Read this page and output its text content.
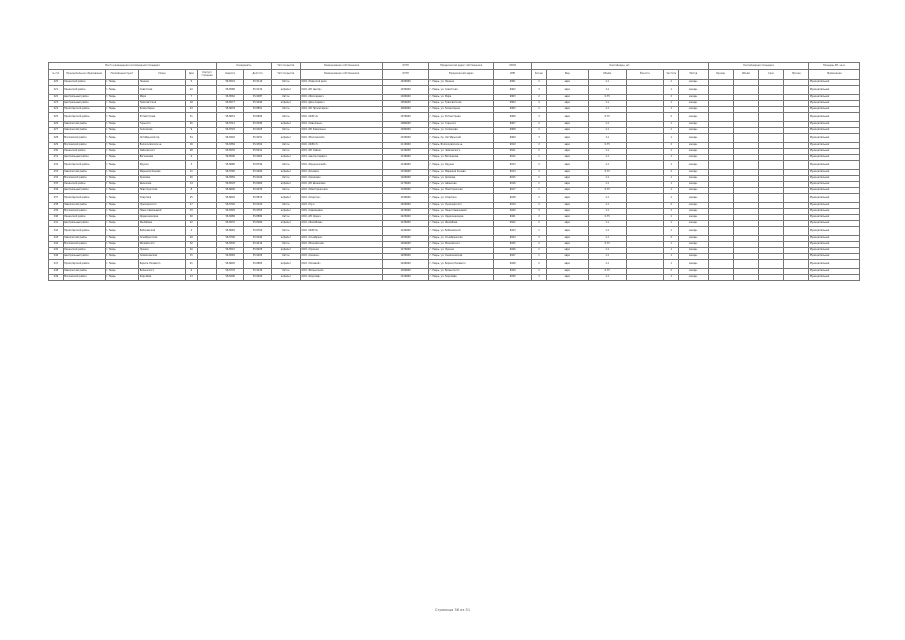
Место размещения контейнерной площадки						Координаты		Тип покрытия	Наименование собственника	ОГРН	Юридический адрес собственника	ОКПО	Контейнеры, шт.						Контейнерная площадка				Площадь КП, кв.м.
№ п/п	Муниципальное образование	Населённый пункт	Улица	Дом	Корпус/строение	Широта	Долгота	Тип покрытия	Наименование собственника	ОГРН	Юридический адрес	ИНН	Кол-во	Вид	Объём	Ёмкость	Частота	Метод	Бункер	Объём	Срок	Прочее	Примечание
220	Ленинский район	г. Тверь	Ленина	5		56.8591	35.9110	бетон	ООО «Тверской дом»	1026900	г. Тверь, ул. Ленина	6901	2	евро	1.1		1	ежедн.					Муниципальная
221	Ленинский район	г. Тверь	Советская	12		56.8580	35.9132	асфальт	ООО «УК Центр»	1036900	г. Тверь, ул. Советская	6902	3	евро	1.1		1	ежедн.					Муниципальная
222	Центральный район	г. Тверь	Мира	7		56.8562	35.9087	бетон	ООО «Жилсервис»	1046900	г. Тверь, ул. Мира	6903	2	евро	0.75		2	ежедн.					Муниципальная
223	Центральный район	г. Тверь	Трёхсвятская	18		56.8577	35.9040	асфальт	ООО «Дом-Сервис»	1056900	г. Тверь, ул. Трёхсвятская	6904	4	евро	1.1		1	ежедн.					Муниципальная
224	Пролетарский район	г. Тверь	Коминтерна	23		56.8639	35.8851	бетон	ООО «УК Пролетарка»	1066900	г. Тверь, ул. Коминтерна	6905	2	евро	1.1		1	ежедн.					Муниципальная
225	Пролетарский район	г. Тверь	Ротмистрова	31		56.8651	35.8820	бетон	ООО «ЖЭУ-4»	1076900	г. Тверь, ул. Ротмистрова	6906	3	евро	0.75		2	ежедн.					Муниципальная
226	Заволжский район	г. Тверь	Горького	45		56.8712	35.9180	асфальт	ООО «Заволжье»	1086900	г. Тверь, ул. Горького	6907	2	евро	1.1		1	ежедн.					Муниципальная
227	Заволжский район	г. Тверь	Склизкова	9		56.8725	35.9205	бетон	ООО «УК Заволжье»	1096900	г. Тверь, ул. Склизкова	6908	2	евро	1.1		1	ежедн.					Муниципальная
228	Московский район	г. Тверь	Октябрьский пр.	54		56.8420	35.9251	асфальт	ООО «Московский»	1106900	г. Тверь, пр. Октябрьский	6909	3	евро	1.1		1	ежедн.					Муниципальная
229	Московский район	г. Тверь	Волоколамское ш.	16		56.8384	35.9302	бетон	ООО «ЖЭК-7»	1116900	г. Тверь, Волоколамское ш.	6910	2	евро	0.75		2	ежедн.					Муниципальная
230	Ленинский район	г. Тверь	Чайковского	28		56.8535	35.8911	бетон	ООО «УК Чайка»	1126900	г. Тверь, ул. Чайковского	6911	2	евро	1.1		1	ежедн.					Муниципальная
231	Центральный район	г. Тверь	Вагжанова	6		56.8590	35.9003	асфальт	ООО «Центр-Сервис»	1136900	г. Тверь, ул. Вагжанова	6912	1	евро	1.1		1	ежедн.					Муниципальная
232	Пролетарский район	г. Тверь	Фрунзе	3		56.8680	35.8790	бетон	ООО «Фрунзенский»	1146900	г. Тверь, ул. Фрунзе	6913	2	евро	1.1		1	ежедн.					Муниципальная
233	Заволжский район	г. Тверь	Маршала Конева	11		56.8760	35.9260	асфальт	ООО «Конева»	1156900	г. Тверь, ул. Маршала Конева	6914	3	евро	0.75		2	ежедн.					Муниципальная
234	Московский район	г. Тверь	Хромова	20		56.8350	35.9190	бетон	ООО «Хромова»	1166900	г. Тверь, ул. Хромова	6915	2	евро	1.1		1	ежедн.					Муниципальная
235	Ленинский район	г. Тверь	Шишкова	14		56.8503	35.8960	асфальт	ООО «УК Шишкова»	1176900	г. Тверь, ул. Шишкова	6916	2	евро	1.1		1	ежедн.					Муниципальная
236	Центральный район	г. Тверь	Новоторжская	8		56.8600	35.9070	бетон	ООО «Новоторжская»	1186900	г. Тверь, ул. Новоторжская	6917	1	евро	0.75		1	ежедн.					Муниципальная
237	Пролетарский район	г. Тверь	Спартака	25		56.8620	35.8870	асфальт	ООО «Спартак»	1196900	г. Тверь, ул. Спартака	6918	2	евро	1.1		1	ежедн.					Муниципальная
238	Заволжский район	г. Тверь	Луначарского	17		56.8740	35.9150	бетон	ООО «Луч»	1206900	г. Тверь, ул. Луначарского	6919	2	евро	1.1		2	ежедн.					Муниципальная
239	Московский район	г. Тверь	Паши Савельевой	33		56.8305	35.9355	асфальт	ООО «Савельева»	1216900	г. Тверь, ул. Паши Савельевой	6920	3	евро	1.1		1	ежедн.					Муниципальная
240	Ленинский район	г. Тверь	Орджоникидзе	40		56.8480	35.8880	бетон	ООО «УК Ордж»	1226900	г. Тверь, ул. Орджоникидзе	6921	2	евро	0.75		1	ежедн.					Муниципальная
241	Центральный район	г. Тверь	Желябова	22		56.8570	35.8990	асфальт	ООО «Желябова»	1236900	г. Тверь, ул. Желябова	6922	2	евро	1.1		1	ежедн.					Муниципальная
242	Пролетарский район	г. Тверь	Бобачевской	4		56.8665	35.8760	бетон	ООО «ЖЭУ-9»	1246900	г. Тверь, ул. Бобачевской	6923	1	евро	1.1		1	ежедн.					Муниципальная
243	Заволжский район	г. Тверь	Оснабрюкская	29		56.8790	35.9290	асфальт	ООО «Оснабрюк»	1256900	г. Тверь, ул. Оснабрюкская	6924	3	евро	1.1		2	ежедн.					Муниципальная
244	Московский район	г. Тверь	Можайского	52		56.8330	35.9410	бетон	ООО «Можайский»	1266900	г. Тверь, ул. Можайского	6925	2	евро	0.75		1	ежедн.					Муниципальная
245	Ленинский район	г. Тверь	Лукина	10		56.8515	35.8925	асфальт	ООО «Лукина»	1276900	г. Тверь, ул. Лукина	6926	2	евро	1.1		1	ежедн.					Муниципальная
246	Центральный район	г. Тверь	Симеоновская	15		56.8582	35.9025	бетон	ООО «Симеон»	1286900	г. Тверь, ул. Симеоновская	6927	1	евро	1.1		1	ежедн.					Муниципальная
247	Пролетарский район	г. Тверь	Бориса Полевого	21		56.8695	35.8805	асфальт	ООО «Полевой»	1296900	г. Тверь, ул. Бориса Полевого	6928	2	евро	1.1		1	ежедн.					Муниципальная
248	Заволжский район	г. Тверь	Волынского	6		56.8770	35.9230	бетон	ООО «Волынский»	1306900	г. Тверь, ул. Волынского	6929	2	евро	0.75		2	ежедн.					Муниципальная
249	Московский район	г. Тверь	Королёва	13		56.8290	35.9450	асфальт	ООО «Королёв»	1316900	г. Тверь, ул. Королёва	6930	3	евро	1.1		1	ежедн.					Муниципальная
Страница 36 из 51
